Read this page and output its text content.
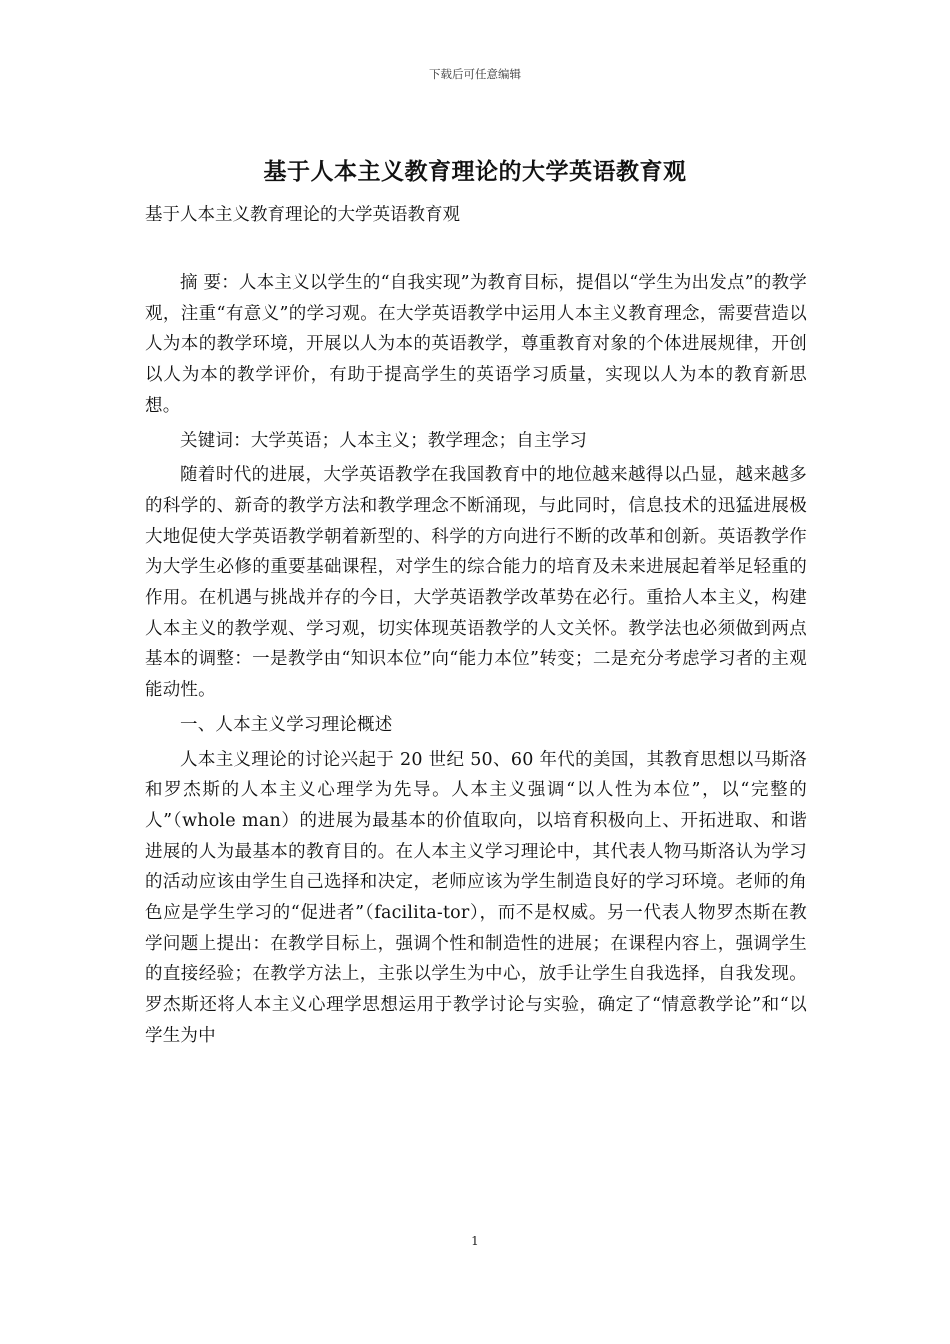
下载后可任意编辑
基于人本主义教育理论的大学英语教育观
基于人本主义教育理论的大学英语教育观

摘 要：人本主义以学生的“自我实现”为教育目标，提倡以“学生为出发点”的教学观，注重“有意义”的学习观。在大学英语教学中运用人本主义教育理念，需要营造以人为本的教学环境，开展以人为本的英语教学，尊重教育对象的个体进展规律，开创以人为本的教学评价，有助于提高学生的英语学习质量，实现以人为本的教育新思想。

关键词：大学英语；人本主义；教学理念；自主学习

随着时代的进展，大学英语教学在我国教育中的地位越来越得以凸显，越来越多的科学的、新奇的教学方法和教学理念不断涌现，与此同时，信息技术的迅猛进展极大地促使大学英语教学朝着新型的、科学的方向进行不断的改革和创新。英语教学作为大学生必修的重要基础课程，对学生的综合能力的培育及未来进展起着举足轻重的作用。在机遇与挑战并存的今日，大学英语教学改革势在必行。重拾人本主义，构建人本主义的教学观、学习观，切实体现英语教学的人文关怀。教学法也必须做到两点基本的调整：一是教学由“知识本位”向“能力本位”转变；二是充分考虑学习者的主观能动性。

一、人本主义学习理论概述

人本主义理论的讨论兴起于 20 世纪 50、60 年代的美国，其教育思想以马斯洛和罗杰斯的人本主义心理学为先导。人本主义强调“以人性为本位”，以“完整的人”（whole man）的进展为最基本的价值取向，以培育积极向上、开拓进取、和谐进展的人为最基本的教育目的。在人本主义学习理论中，其代表人物马斯洛认为学习的活动应该由学生自己选择和决定，老师应该为学生制造良好的学习环境。老师的角色应是学生学习的“促进者”（facilita-tor），而不是权威。另一代表人物罗杰斯在教学问题上提出：在教学目标上，强调个性和制造性的进展；在课程内容上，强调学生的直接经验；在教学方法上，主张以学生为中心，放手让学生自我选择，自我发现。罗杰斯还将人本主义心理学思想运用于教学讨论与实验，确定了“情意教学论”和“以学生为中

1
